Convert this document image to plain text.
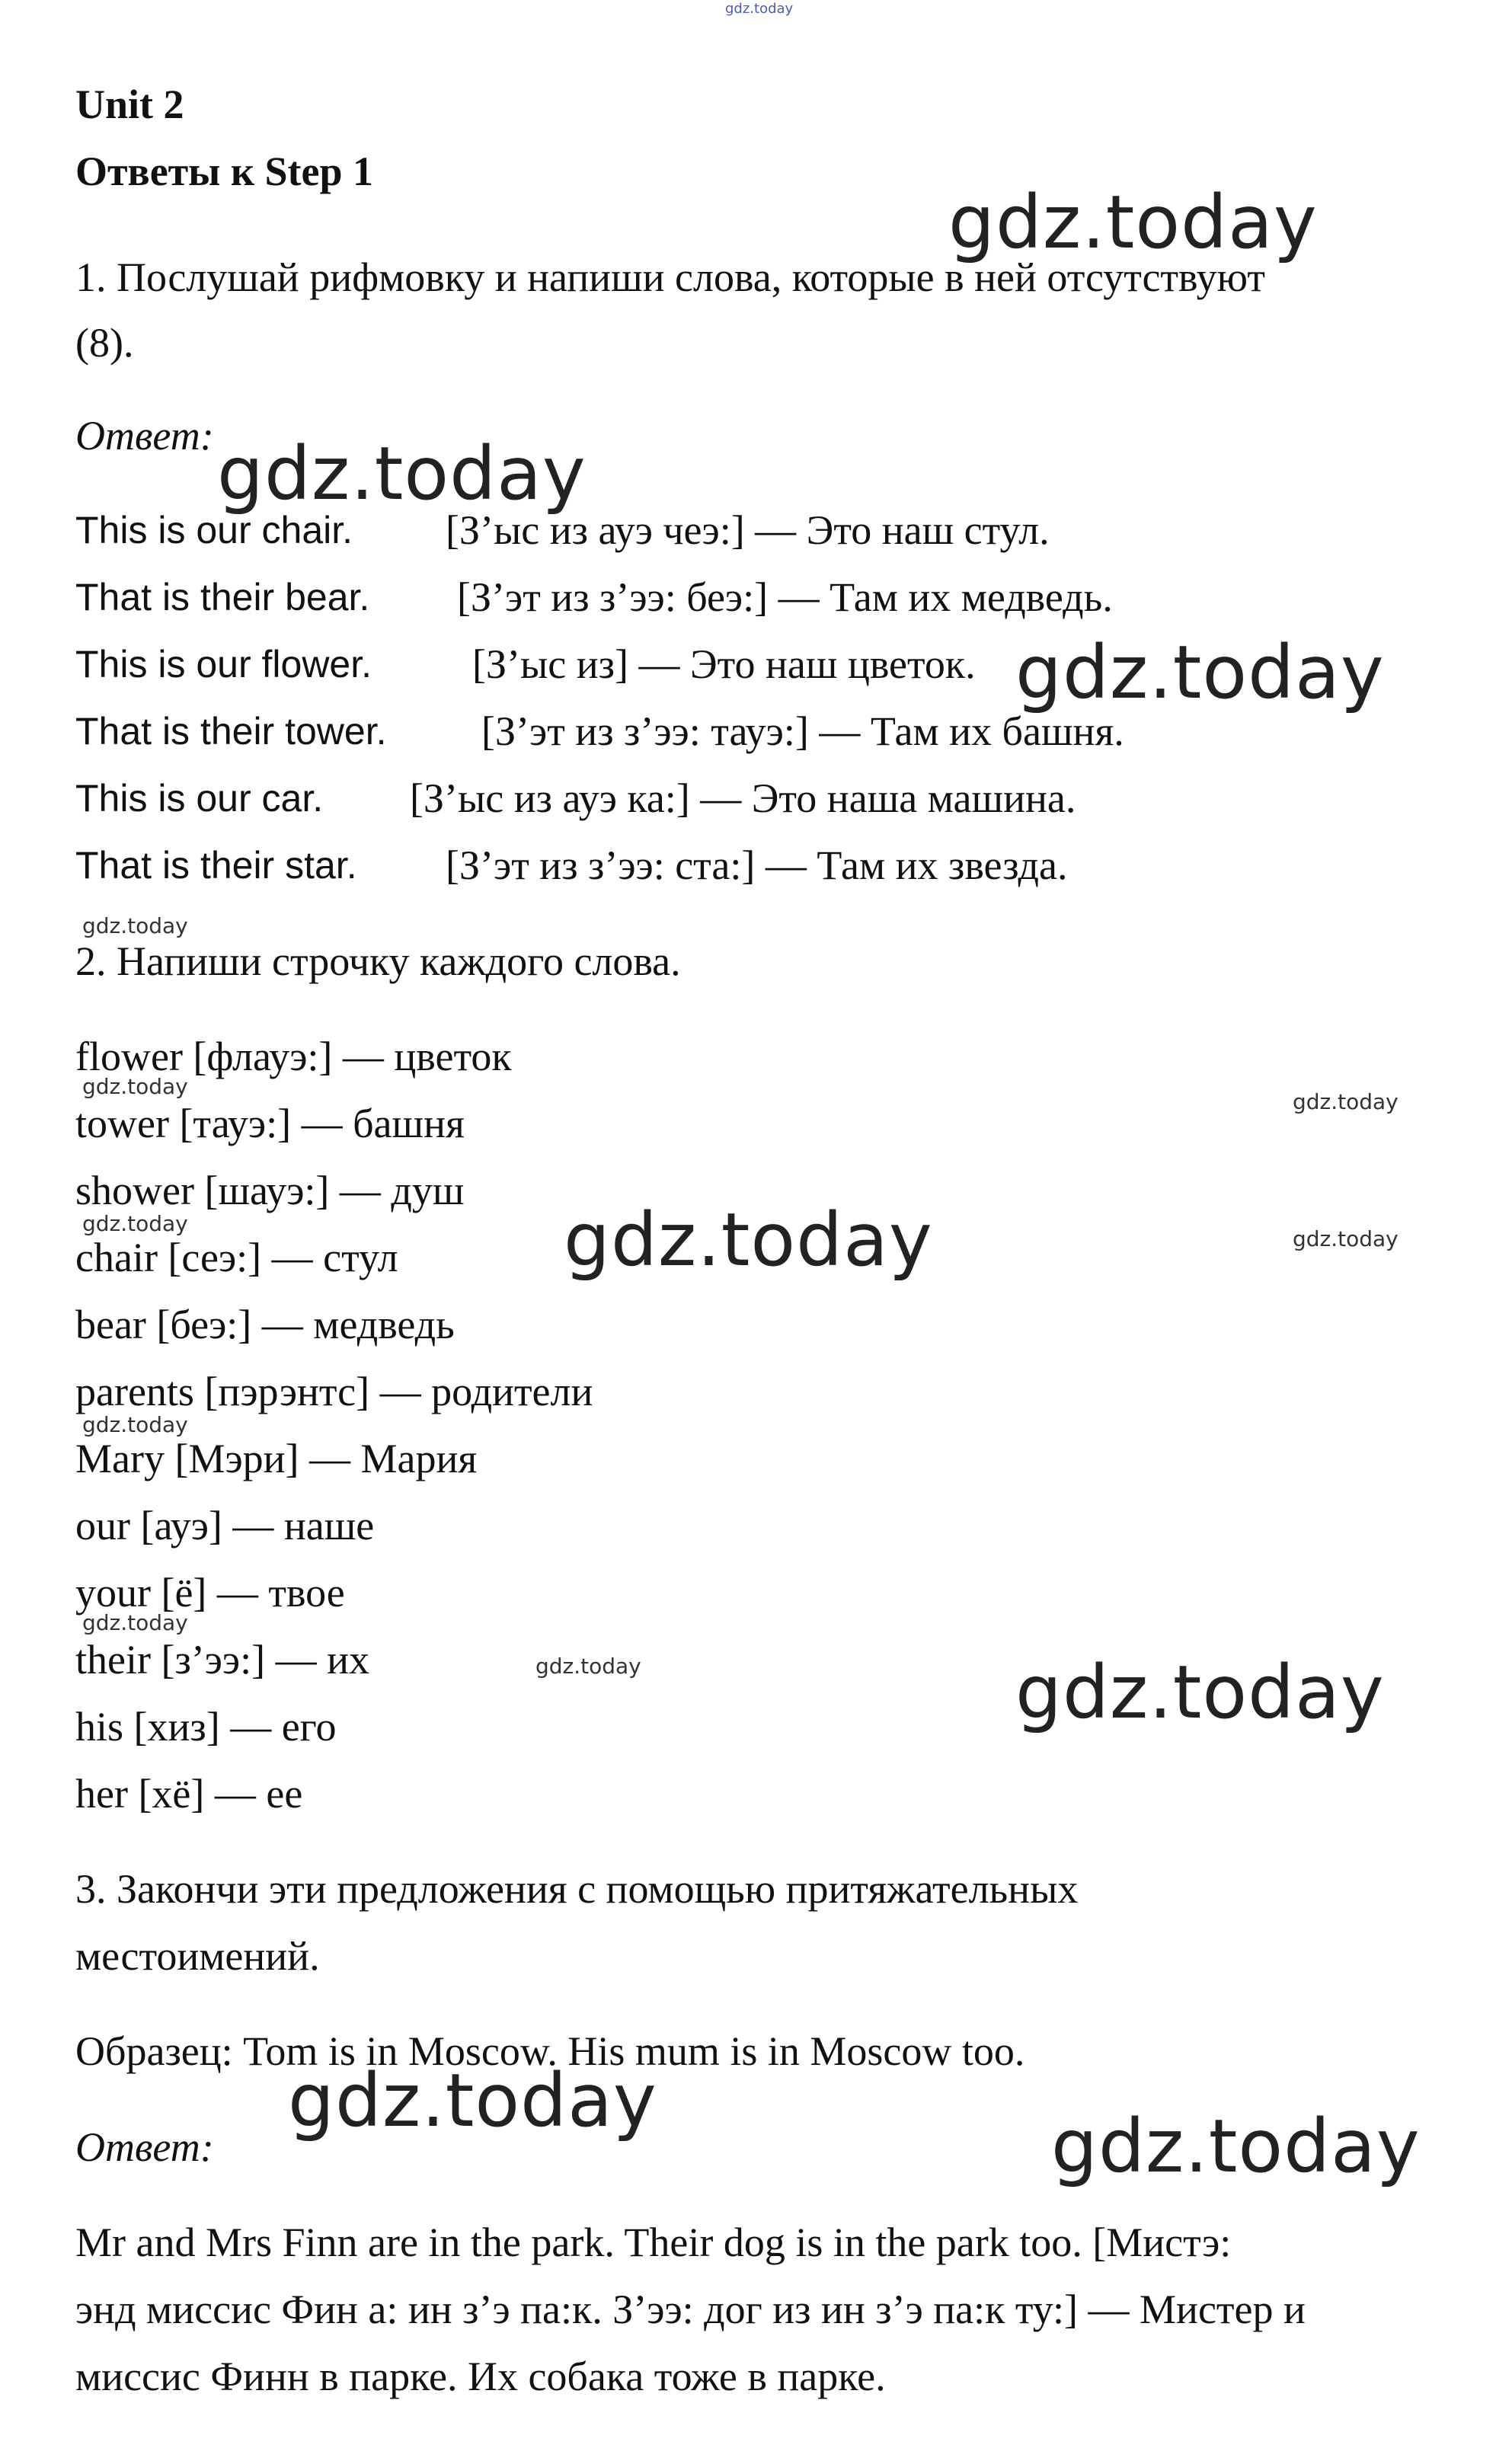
gdz.today
Unit 2
Ответы к Step 1
gdz.today
1. Послушай рифмовку и напиши слова, которые в ней отсутствуют
(8).
Ответ: gdz.today
This is our chair. [З’ыс из ауэ чеэ:] — Это наш стул.
That is their bear. [З’эт из з’ээ: беэ:] — Там их медведь.
This is our flower. [З’ыс из] — Это наш цветок. gdz.today
That is their tower. [З’эт из з’ээ: тауэ:] — Там их башня.
This is our car. [З’ыс из ауэ ка:] — Это наша машина.
That is their star. [З’эт из з’ээ: ста:] — Там их звезда.
gdz.today
2. Напиши строчку каждого слова.
flower [флауэ:] — цветок
gdz.today
tower [тауэ:] — башня	gdz.today
shower [шауэ:] — душ
gdz.today
chair [сеэ:] — стул gdz.today	gdz.today
bear [беэ:] — медведь
parents [пэрэнтс] — родители
gdz.today
Mary [Мэри] — Мария
our [ауэ] — наше
your [ё] — твое
gdz.today
their [з’ээ:] — их	gdz.today
his [хиз] — его	gdz.today
her [хё] — ее
3. Закончи эти предложения с помощью притяжательных
местоимений.
Образец: Tom is in Moscow. His mum is in Moscow too.
gdz.today
Ответ:	gdz.today
Mr and Mrs Finn are in the park. Their dog is in the park too. [Мистэ:
энд миссис Фин а: ин з’э па:к. З’ээ: дог из ин з’э па:к ту:] — Мистер и
миссис Финн в парке. Их собака тоже в парке.
